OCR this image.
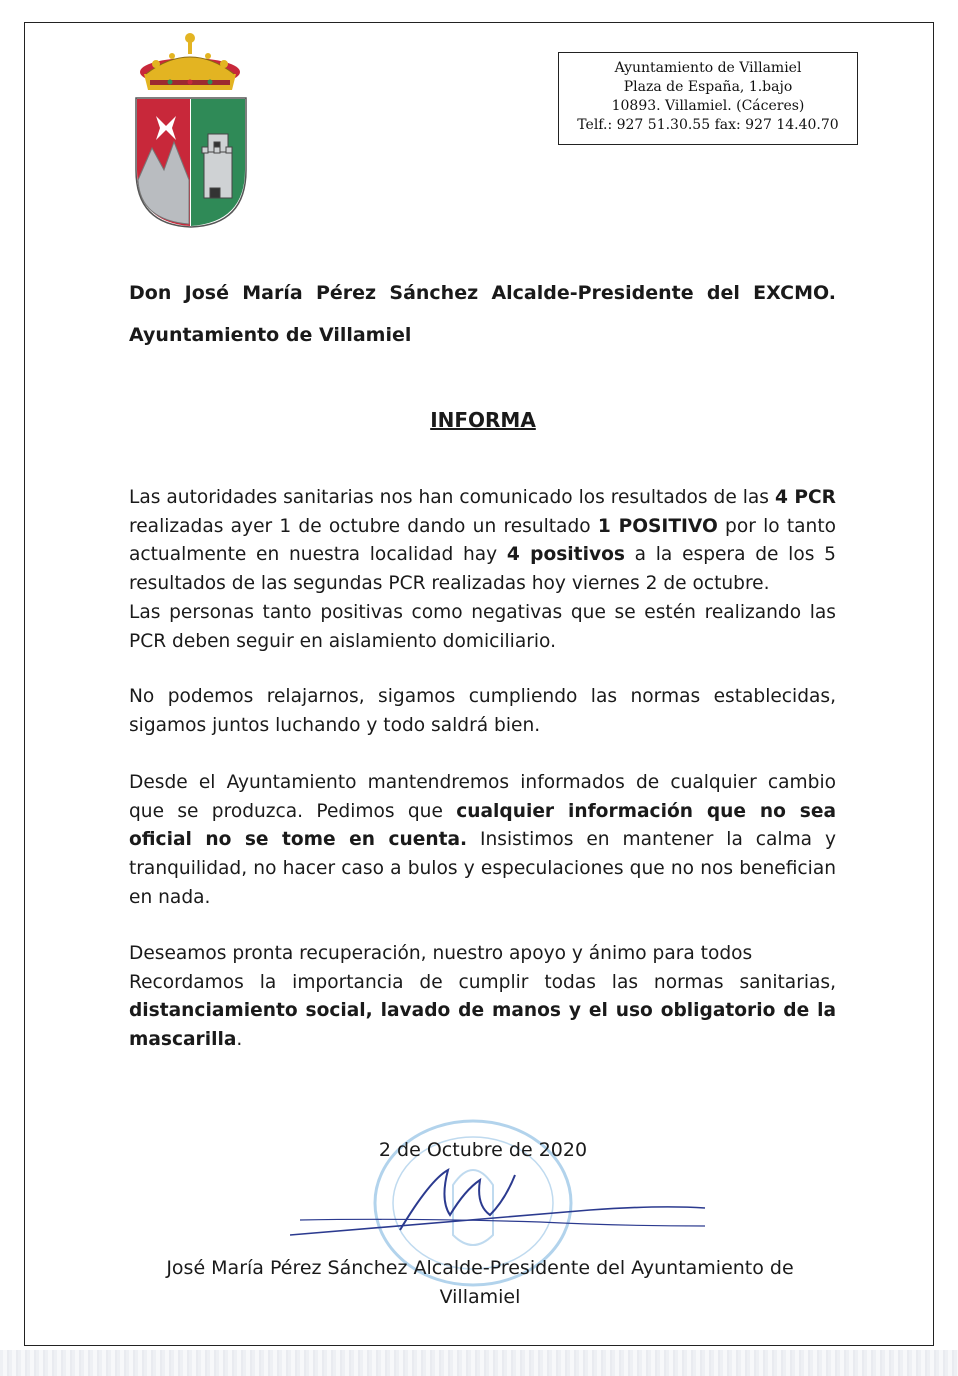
Ayuntamiento de Villamiel
Plaza de España, 1.bajo
10893. Villamiel. (Cáceres)
Telf.: 927 51.30.55 fax: 927 14.40.70
Don José María Pérez Sánchez Alcalde-Presidente del EXCMO.
Ayuntamiento de Villamiel
INFORMA
Las autoridades sanitarias nos han comunicado los resultados de las 4 PCR realizadas ayer 1 de octubre dando un resultado 1 POSITIVO por lo tanto actualmente en nuestra localidad hay 4 positivos a la espera de los 5 resultados de las segundas PCR realizadas hoy viernes 2 de octubre.
Las personas tanto positivas como negativas que se estén realizando las PCR deben seguir en aislamiento domiciliario.
No podemos relajarnos, sigamos cumpliendo las normas establecidas, sigamos juntos luchando y todo saldrá bien.
Desde el Ayuntamiento mantendremos informados de cualquier cambio que se produzca. Pedimos que cualquier información que no sea oficial no se tome en cuenta. Insistimos en mantener la calma y tranquilidad, no hacer caso a bulos y especulaciones que no nos benefician en nada.
Deseamos pronta recuperación, nuestro apoyo y ánimo para todos
Recordamos la importancia de cumplir todas las normas sanitarias, distanciamiento social, lavado de manos y el uso obligatorio de la mascarilla.
2 de Octubre de 2020
José María Pérez Sánchez Alcalde-Presidente del Ayuntamiento de
Villamiel
